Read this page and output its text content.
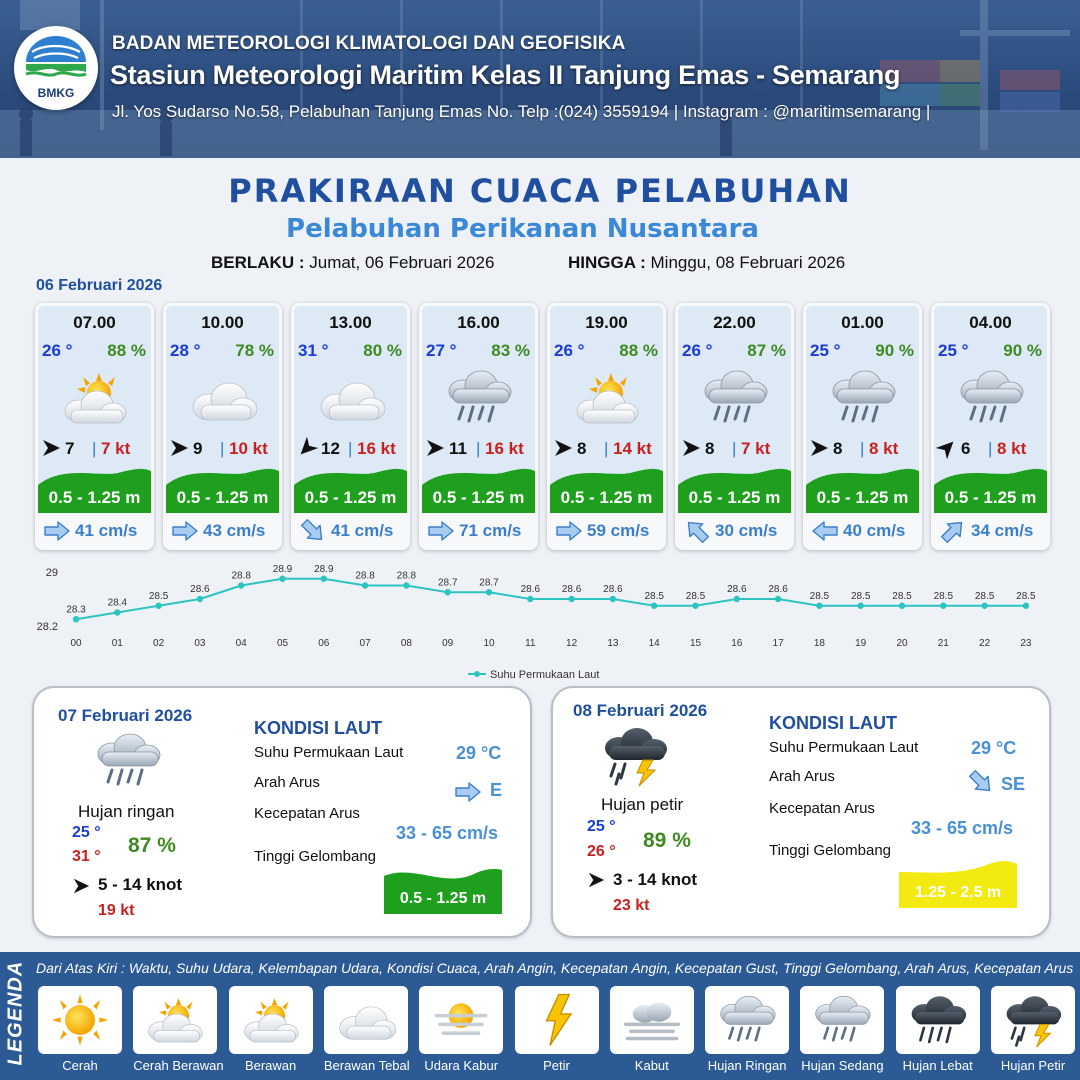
BMKG
BADAN METEOROLOGI KLIMATOLOGI DAN GEOFISIKA
Stasiun Meteorologi Maritim Kelas II Tanjung Emas - Semarang
Jl. Yos Sudarso No.58, Pelabuhan Tanjung Emas No. Telp :(024) 3559194 | Instagram : @maritimsemarang |
PRAKIRAAN CUACA PELABUHAN
Pelabuhan Perikanan Nusantara
BERLAKU : Jumat, 06 Februari 2026	HINGGA : Minggu, 08 Februari 2026
06 Februari 2026
07.00
26 ° 88 %
7 | 7 kt
0.5 - 1.25 m
41 cm/s
10.00
28 ° 78 %
9 | 10 kt
0.5 - 1.25 m
43 cm/s
13.00
31 ° 80 %
12 | 16 kt
0.5 - 1.25 m
41 cm/s
16.00
27 ° 83 %
11 | 16 kt
0.5 - 1.25 m
71 cm/s
19.00
26 ° 88 %
8 | 14 kt
0.5 - 1.25 m
59 cm/s
22.00
26 ° 87 %
8 | 7 kt
0.5 - 1.25 m
30 cm/s
01.00
25 ° 90 %
8 | 8 kt
0.5 - 1.25 m
40 cm/s
04.00
25 ° 90 %
6 | 8 kt
0.5 - 1.25 m
34 cm/s
29
28.2
28.3
00
28.4
01
28.5
02
28.6
03
28.8
04
28.9
05
28.9
06
28.8
07
28.8
08
28.7
09
28.7
10
28.6
11
28.6
12
28.6
13
28.5
14
28.5
15
28.6
16
28.6
17
28.5
18
28.5
19
28.5
20
28.5
21
28.5
22
28.5
23
Suhu Permukaan Laut
07 Februari 2026
Hujan ringan
25 °
31 ° 87 %
5 - 14 knot
19 kt
KONDISI LAUT
Suhu Permukaan Laut	29 °C
Arah Arus	E
Kecepatan Arus
33 - 65 cm/s
Tinggi Gelombang
0.5 - 1.25 m
08 Februari 2026
Hujan petir
25 °
26 ° 89 %
3 - 14 knot
23 kt
KONDISI LAUT
Suhu Permukaan Laut	29 °C
Arah Arus	SE
Kecepatan Arus
33 - 65 cm/s
Tinggi Gelombang
1.25 - 2.5 m
LEGENDA Dari Atas Kiri : Waktu, Suhu Udara, Kelembapan Udara, Kondisi Cuaca, Arah Angin, Kecepatan Angin, Kecepatan Gust, Tinggi Gelombang, Arah Arus, Kecepatan Arus
Cerah	Cerah Berawan	Berawan	Berawan Tebal	Udara Kabur	Petir	Kabut	Hujan Ringan Hujan Sedang	Hujan Lebat	Hujan Petir
